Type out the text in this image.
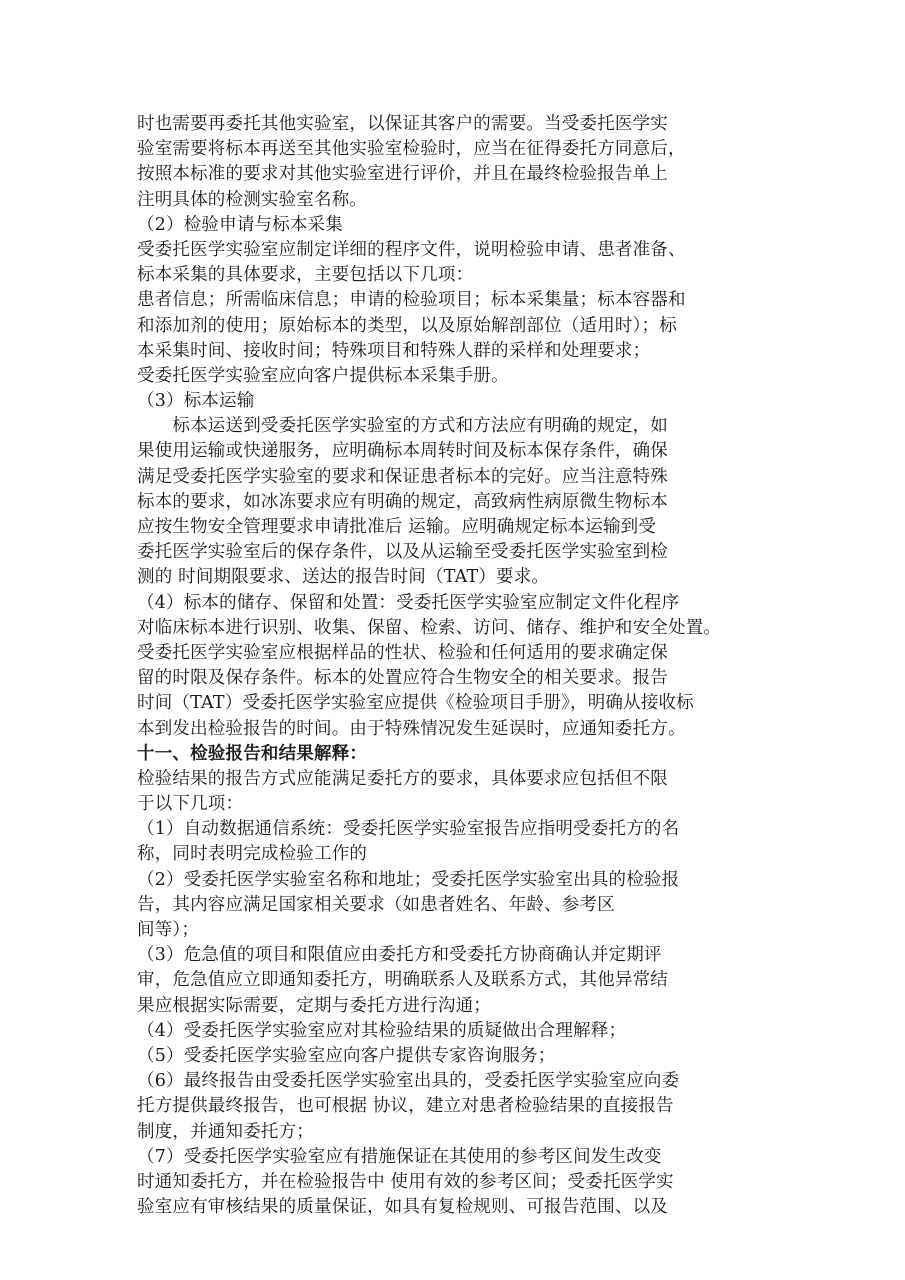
时也需要再委托其他实验室，以保证其客户的需要。当受委托医学实
验室需要将标本再送至其他实验室检验时，应当在征得委托方同意后，
按照本标准的要求对其他实验室进行评价，并且在最终检验报告单上
注明具体的检测实验室名称。
（2）检验申请与标本采集
受委托医学实验室应制定详细的程序文件，说明检验申请、患者准备、
标本采集的具体要求，主要包括以下几项：
患者信息；所需临床信息；申请的检验项目；标本采集量；标本容器和
和添加剂的使用；原始标本的类型，以及原始解剖部位（适用时）；标
本采集时间、接收时间；特殊项目和特殊人群的采样和处理要求；
受委托医学实验室应向客户提供标本采集手册。
（3）标本运输
　　标本运送到受委托医学实验室的方式和方法应有明确的规定，如
果使用运输或快递服务，应明确标本周转时间及标本保存条件，确保
满足受委托医学实验室的要求和保证患者标本的完好。应当注意特殊
标本的要求，如冰冻要求应有明确的规定，高致病性病原微生物标本
应按生物安全管理要求申请批准后 运输。应明确规定标本运输到受
委托医学实验室后的保存条件，以及从运输至受委托医学实验室到检
测的 时间期限要求、送达的报告时间（TAT）要求。
（4）标本的储存、保留和处置：受委托医学实验室应制定文件化程序
对临床标本进行识别、收集、保留、检索、访问、储存、维护和安全处置。
受委托医学实验室应根据样品的性状、检验和任何适用的要求确定保
留的时限及保存条件。标本的处置应符合生物安全的相关要求。报告
时间（TAT）受委托医学实验室应提供《检验项目手册》，明确从接收标
本到发出检验报告的时间。由于特殊情况发生延误时，应通知委托方。
十一、检验报告和结果解释：
检验结果的报告方式应能满足委托方的要求，具体要求应包括但不限
于以下几项：
（1）自动数据通信系统：受委托医学实验室报告应指明受委托方的名
称，同时表明完成检验工作的
（2）受委托医学实验室名称和地址；受委托医学实验室出具的检验报
告，其内容应满足国家相关要求（如患者姓名、年龄、参考区
间等）；
（3）危急值的项目和限值应由委托方和受委托方协商确认并定期评
审，危急值应立即通知委托方，明确联系人及联系方式，其他异常结
果应根据实际需要，定期与委托方进行沟通；
（4）受委托医学实验室应对其检验结果的质疑做出合理解释；
（5）受委托医学实验室应向客户提供专家咨询服务；
（6）最终报告由受委托医学实验室出具的，受委托医学实验室应向委
托方提供最终报告，也可根据 协议，建立对患者检验结果的直接报告
制度，并通知委托方；
（7）受委托医学实验室应有措施保证在其使用的参考区间发生改变
时通知委托方，并在检验报告中 使用有效的参考区间；受委托医学实
验室应有审核结果的质量保证，如具有复检规则、可报告范围、以及
